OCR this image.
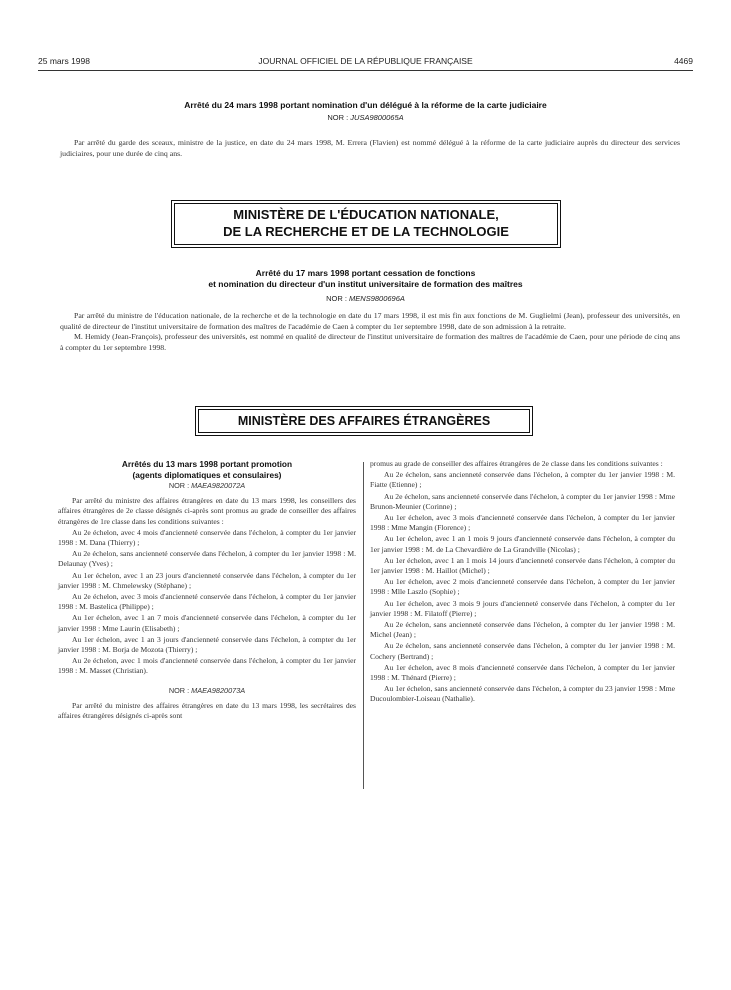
25 mars 1998	JOURNAL OFFICIEL DE LA RÉPUBLIQUE FRANÇAISE	4469
Arrêté du 24 mars 1998 portant nomination d'un délégué à la réforme de la carte judiciaire
NOR : JUSA9800065A

Par arrêté du garde des sceaux, ministre de la justice, en date du 24 mars 1998, M. Errera (Flavien) est nommé délégué à la réforme de la carte judiciaire auprès du directeur des services judiciaires, pour une durée de cinq ans.

MINISTÈRE DE L'ÉDUCATION NATIONALE,
DE LA RECHERCHE ET DE LA TECHNOLOGIE
Arrêté du 17 mars 1998 portant cessation de fonctions
et nomination du directeur d'un institut universitaire de formation des maîtres
NOR : MENS9800696A

Par arrêté du ministre de l'éducation nationale, de la recherche et de la technologie en date du 17 mars 1998, il est mis fin aux fonctions de M. Guglielmi (Jean), professeur des universités, en qualité de directeur de l'institut universitaire de formation des maîtres de l'académie de Caen à compter du 1er septembre 1998, date de son admission à la retraite.

M. Hemidy (Jean-François), professeur des universités, est nommé en qualité de directeur de l'institut universitaire de formation des maîtres de l'académie de Caen, pour une période de cinq ans à compter du 1er septembre 1998.

MINISTÈRE DES AFFAIRES ÉTRANGÈRES
Arrêtés du 13 mars 1998 portant promotion
(agents diplomatiques et consulaires)
NOR : MAEA9820072A

Par arrêté du ministre des affaires étrangères en date du 13 mars 1998, les conseillers des affaires étrangères de 2e classe désignés ci-après sont promus au grade de conseiller des affaires étrangères de 1re classe dans les conditions suivantes :

Au 2e échelon, avec 4 mois d'ancienneté conservée dans l'échelon, à compter du 1er janvier 1998 : M. Dana (Thierry) ;

Au 2e échelon, sans ancienneté conservée dans l'échelon, à compter du 1er janvier 1998 : M. Delaunay (Yves) ;

Au 1er échelon, avec 1 an 23 jours d'ancienneté conservée dans l'échelon, à compter du 1er janvier 1998 : M. Chmelewsky (Stéphane) ;

Au 2e échelon, avec 3 mois d'ancienneté conservée dans l'échelon, à compter du 1er janvier 1998 : M. Bastelica (Philippe) ;

Au 1er échelon, avec 1 an 7 mois d'ancienneté conservée dans l'échelon, à compter du 1er janvier 1998 : Mme Laurin (Elisabeth) ;

Au 1er échelon, avec 1 an 3 jours d'ancienneté conservée dans l'échelon, à compter du 1er janvier 1998 : M. Borja de Mozota (Thierry) ;

Au 2e échelon, avec 1 mois d'ancienneté conservée dans l'échelon, à compter du 1er janvier 1998 : M. Masset (Christian).

NOR : MAEA9820073A

Par arrêté du ministre des affaires étrangères en date du 13 mars 1998, les secrétaires des affaires étrangères désignés ci-après sont

promus au grade de conseiller des affaires étrangères de 2e classe dans les conditions suivantes :

Au 2e échelon, sans ancienneté conservée dans l'échelon, à compter du 1er janvier 1998 : M. Fiatte (Etienne) ;

Au 2e échelon, sans ancienneté conservée dans l'échelon, à compter du 1er janvier 1998 : Mme Brunon-Meunier (Corinne) ;

Au 1er échelon, avec 3 mois d'ancienneté conservée dans l'échelon, à compter du 1er janvier 1998 : Mme Mangin (Florence) ;

Au 1er échelon, avec 1 an 1 mois 9 jours d'ancienneté conservée dans l'échelon, à compter du 1er janvier 1998 : M. de La Chevardière de La Grandville (Nicolas) ;

Au 1er échelon, avec 1 an 1 mois 14 jours d'ancienneté conservée dans l'échelon, à compter du 1er janvier 1998 : M. Haillot (Michel) ;

Au 1er échelon, avec 2 mois d'ancienneté conservée dans l'échelon, à compter du 1er janvier 1998 : Mlle Laszlo (Sophie) ;

Au 1er échelon, avec 3 mois 9 jours d'ancienneté conservée dans l'échelon, à compter du 1er janvier 1998 : M. Filatoff (Pierre) ;

Au 2e échelon, sans ancienneté conservée dans l'échelon, à compter du 1er janvier 1998 : M. Michel (Jean) ;

Au 2e échelon, sans ancienneté conservée dans l'échelon, à compter du 1er janvier 1998 : M. Cochery (Bertrand) ;

Au 1er échelon, avec 8 mois d'ancienneté conservée dans l'échelon, à compter du 1er janvier 1998 : M. Thénard (Pierre) ;

Au 1er échelon, sans ancienneté conservée dans l'échelon, à compter du 23 janvier 1998 : Mme Ducoulombier-Loiseau (Nathalie).
